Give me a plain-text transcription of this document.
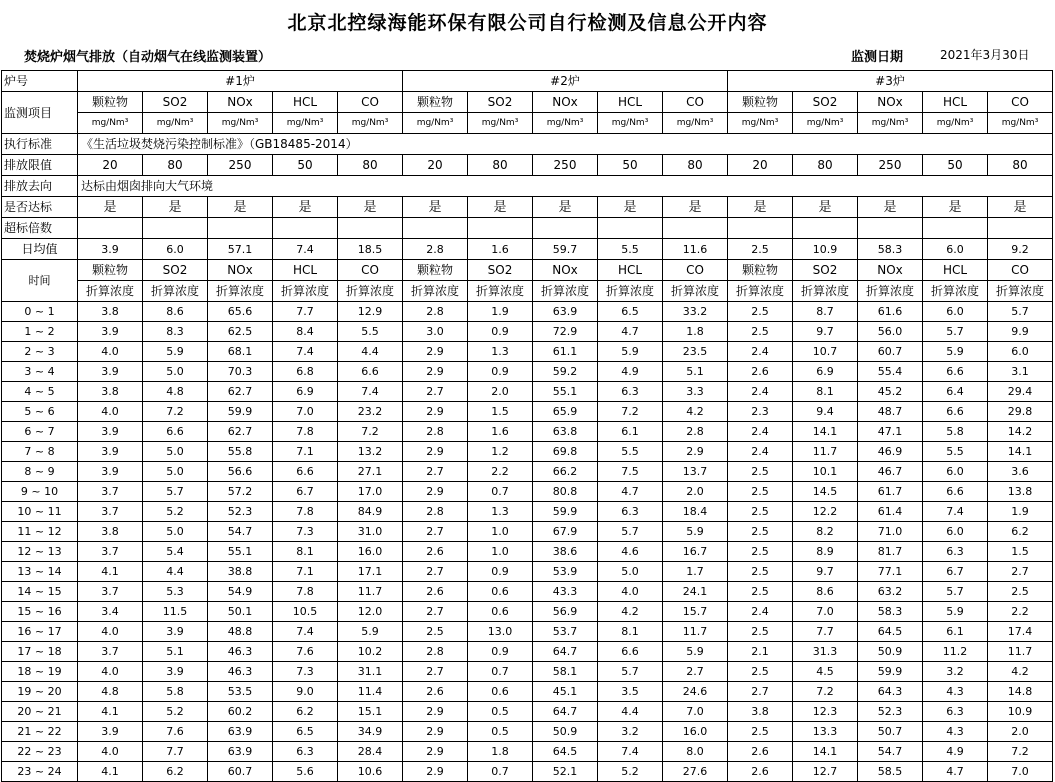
北京北控绿海能环保有限公司自行检测及信息公开内容
焚烧炉烟气排放（自动烟气在线监测装置）	监测日期	2021年3月30日
炉号	#1炉					#2炉					#3炉				
监测项目	颗粒物	SO2	NOx	HCL	CO	颗粒物	SO2	NOx	HCL	CO	颗粒物	SO2	NOx	HCL	CO
	mg/Nm³	mg/Nm³	mg/Nm³	mg/Nm³	mg/Nm³	mg/Nm³	mg/Nm³	mg/Nm³	mg/Nm³	mg/Nm³	mg/Nm³	mg/Nm³	mg/Nm³	mg/Nm³	mg/Nm³
执行标准	《生活垃圾焚烧污染控制标准》（GB18485-2014）														
排放限值	20	80	250	50	80	20	80	250	50	80	20	80	250	50	80
排放去向	达标由烟囱排向大气环境														
是否达标	是	是	是	是	是	是	是	是	是	是	是	是	是	是	是
超标倍数															
日均值	3.9	6.0	57.1	7.4	18.5	2.8	1.6	59.7	5.5	11.6	2.5	10.9	58.3	6.0	9.2
时间	颗粒物	SO2	NOx	HCL	CO	颗粒物	SO2	NOx	HCL	CO	颗粒物	SO2	NOx	HCL	CO
	折算浓度	折算浓度	折算浓度	折算浓度	折算浓度	折算浓度	折算浓度	折算浓度	折算浓度	折算浓度	折算浓度	折算浓度	折算浓度	折算浓度	折算浓度
0 ~ 1	3.8	8.6	65.6	7.7	12.9	2.8	1.9	63.9	6.5	33.2	2.5	8.7	61.6	6.0	5.7
1 ~ 2	3.9	8.3	62.5	8.4	5.5	3.0	0.9	72.9	4.7	1.8	2.5	9.7	56.0	5.7	9.9
2 ~ 3	4.0	5.9	68.1	7.4	4.4	2.9	1.3	61.1	5.9	23.5	2.4	10.7	60.7	5.9	6.0
3 ~ 4	3.9	5.0	70.3	6.8	6.6	2.9	0.9	59.2	4.9	5.1	2.6	6.9	55.4	6.6	3.1
4 ~ 5	3.8	4.8	62.7	6.9	7.4	2.7	2.0	55.1	6.3	3.3	2.4	8.1	45.2	6.4	29.4
5 ~ 6	4.0	7.2	59.9	7.0	23.2	2.9	1.5	65.9	7.2	4.2	2.3	9.4	48.7	6.6	29.8
6 ~ 7	3.9	6.6	62.7	7.8	7.2	2.8	1.6	63.8	6.1	2.8	2.4	14.1	47.1	5.8	14.2
7 ~ 8	3.9	5.0	55.8	7.1	13.2	2.9	1.2	69.8	5.5	2.9	2.4	11.7	46.9	5.5	14.1
8 ~ 9	3.9	5.0	56.6	6.6	27.1	2.7	2.2	66.2	7.5	13.7	2.5	10.1	46.7	6.0	3.6
9 ~ 10	3.7	5.7	57.2	6.7	17.0	2.9	0.7	80.8	4.7	2.0	2.5	14.5	61.7	6.6	13.8
10 ~ 11	3.7	5.2	52.3	7.8	84.9	2.8	1.3	59.9	6.3	18.4	2.5	12.2	61.4	7.4	1.9
11 ~ 12	3.8	5.0	54.7	7.3	31.0	2.7	1.0	67.9	5.7	5.9	2.5	8.2	71.0	6.0	6.2
12 ~ 13	3.7	5.4	55.1	8.1	16.0	2.6	1.0	38.6	4.6	16.7	2.5	8.9	81.7	6.3	1.5
13 ~ 14	4.1	4.4	38.8	7.1	17.1	2.7	0.9	53.9	5.0	1.7	2.5	9.7	77.1	6.7	2.7
14 ~ 15	3.7	5.3	54.9	7.8	11.7	2.6	0.6	43.3	4.0	24.1	2.5	8.6	63.2	5.7	2.5
15 ~ 16	3.4	11.5	50.1	10.5	12.0	2.7	0.6	56.9	4.2	15.7	2.4	7.0	58.3	5.9	2.2
16 ~ 17	4.0	3.9	48.8	7.4	5.9	2.5	13.0	53.7	8.1	11.7	2.5	7.7	64.5	6.1	17.4
17 ~ 18	3.7	5.1	46.3	7.6	10.2	2.8	0.9	64.7	6.6	5.9	2.1	31.3	50.9	11.2	11.7
18 ~ 19	4.0	3.9	46.3	7.3	31.1	2.7	0.7	58.1	5.7	2.7	2.5	4.5	59.9	3.2	4.2
19 ~ 20	4.8	5.8	53.5	9.0	11.4	2.6	0.6	45.1	3.5	24.6	2.7	7.2	64.3	4.3	14.8
20 ~ 21	4.1	5.2	60.2	6.2	15.1	2.9	0.5	64.7	4.4	7.0	3.8	12.3	52.3	6.3	10.9
21 ~ 22	3.9	7.6	63.9	6.5	34.9	2.9	0.5	50.9	3.2	16.0	2.5	13.3	50.7	4.3	2.0
22 ~ 23	4.0	7.7	63.9	6.3	28.4	2.9	1.8	64.5	7.4	8.0	2.6	14.1	54.7	4.9	7.2
23 ~ 24	4.1	6.2	60.7	5.6	10.6	2.9	0.7	52.1	5.2	27.6	2.6	12.7	58.5	4.7	7.0
